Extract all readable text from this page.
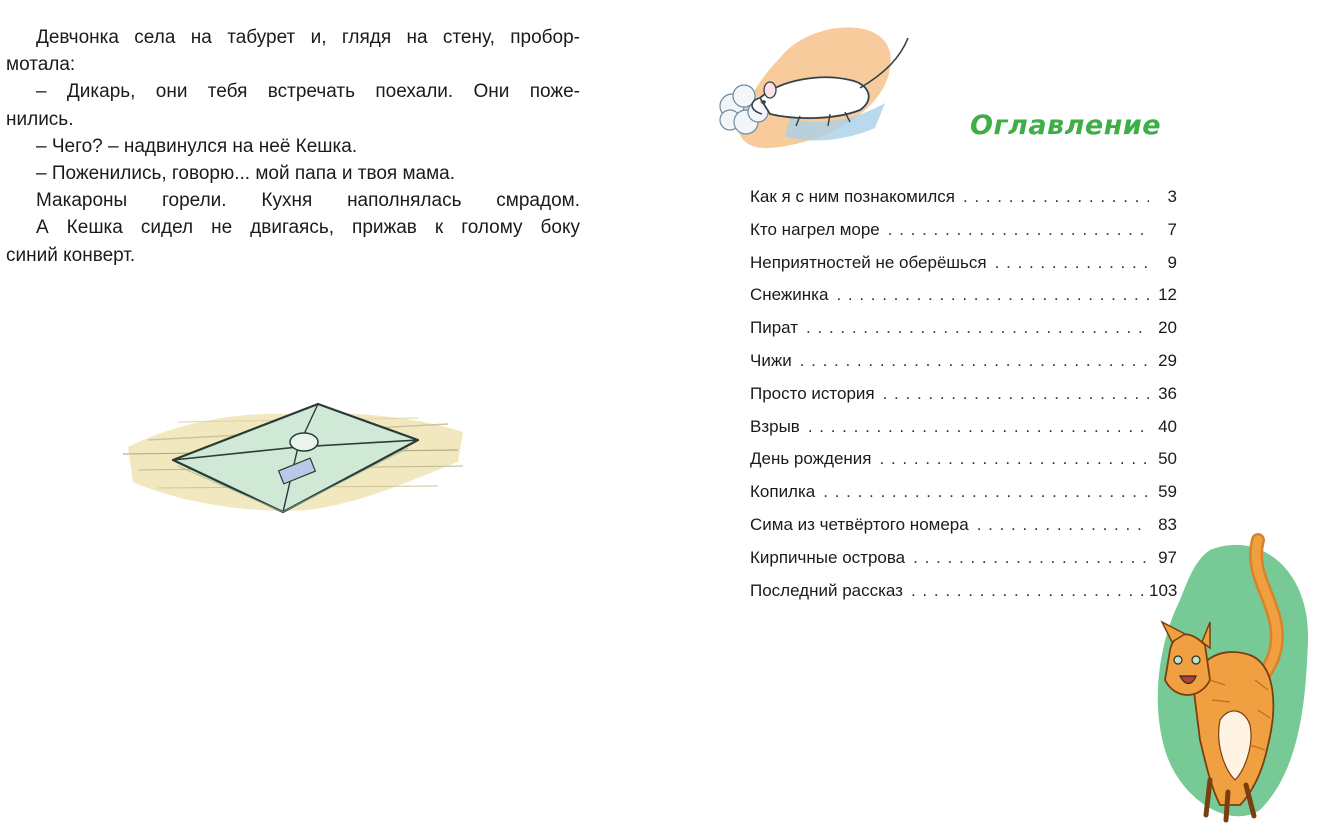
Девчонка села на табурет и, глядя на стену, пробор-
мотала:

– Дикарь, они тебя встречать поехали. Они поже-
нились.

– Чего? – надвинулся на неё Кешка.

– Поженились, говорю... мой папа и твоя мама.

Макароны горели. Кухня наполнялась смрадом.
А Кешка сидел не двигаясь, прижав к голому боку
синий конверт.

Оглавление
Как я с ним познакомился . . .	3
Кто нагрел море . . .	7
Неприятностей не оберёшься . . .	9
Снежинка . . .	12
Пират . . .	20
Чижи . . .	29
Просто история . . .	36
Взрыв . . .	40
День рождения . . .	50
Копилка . . .	59
Сима из четвёртого номера . . .	83
Кирпичные острова . . .	97
Последний рассказ . . .	103
